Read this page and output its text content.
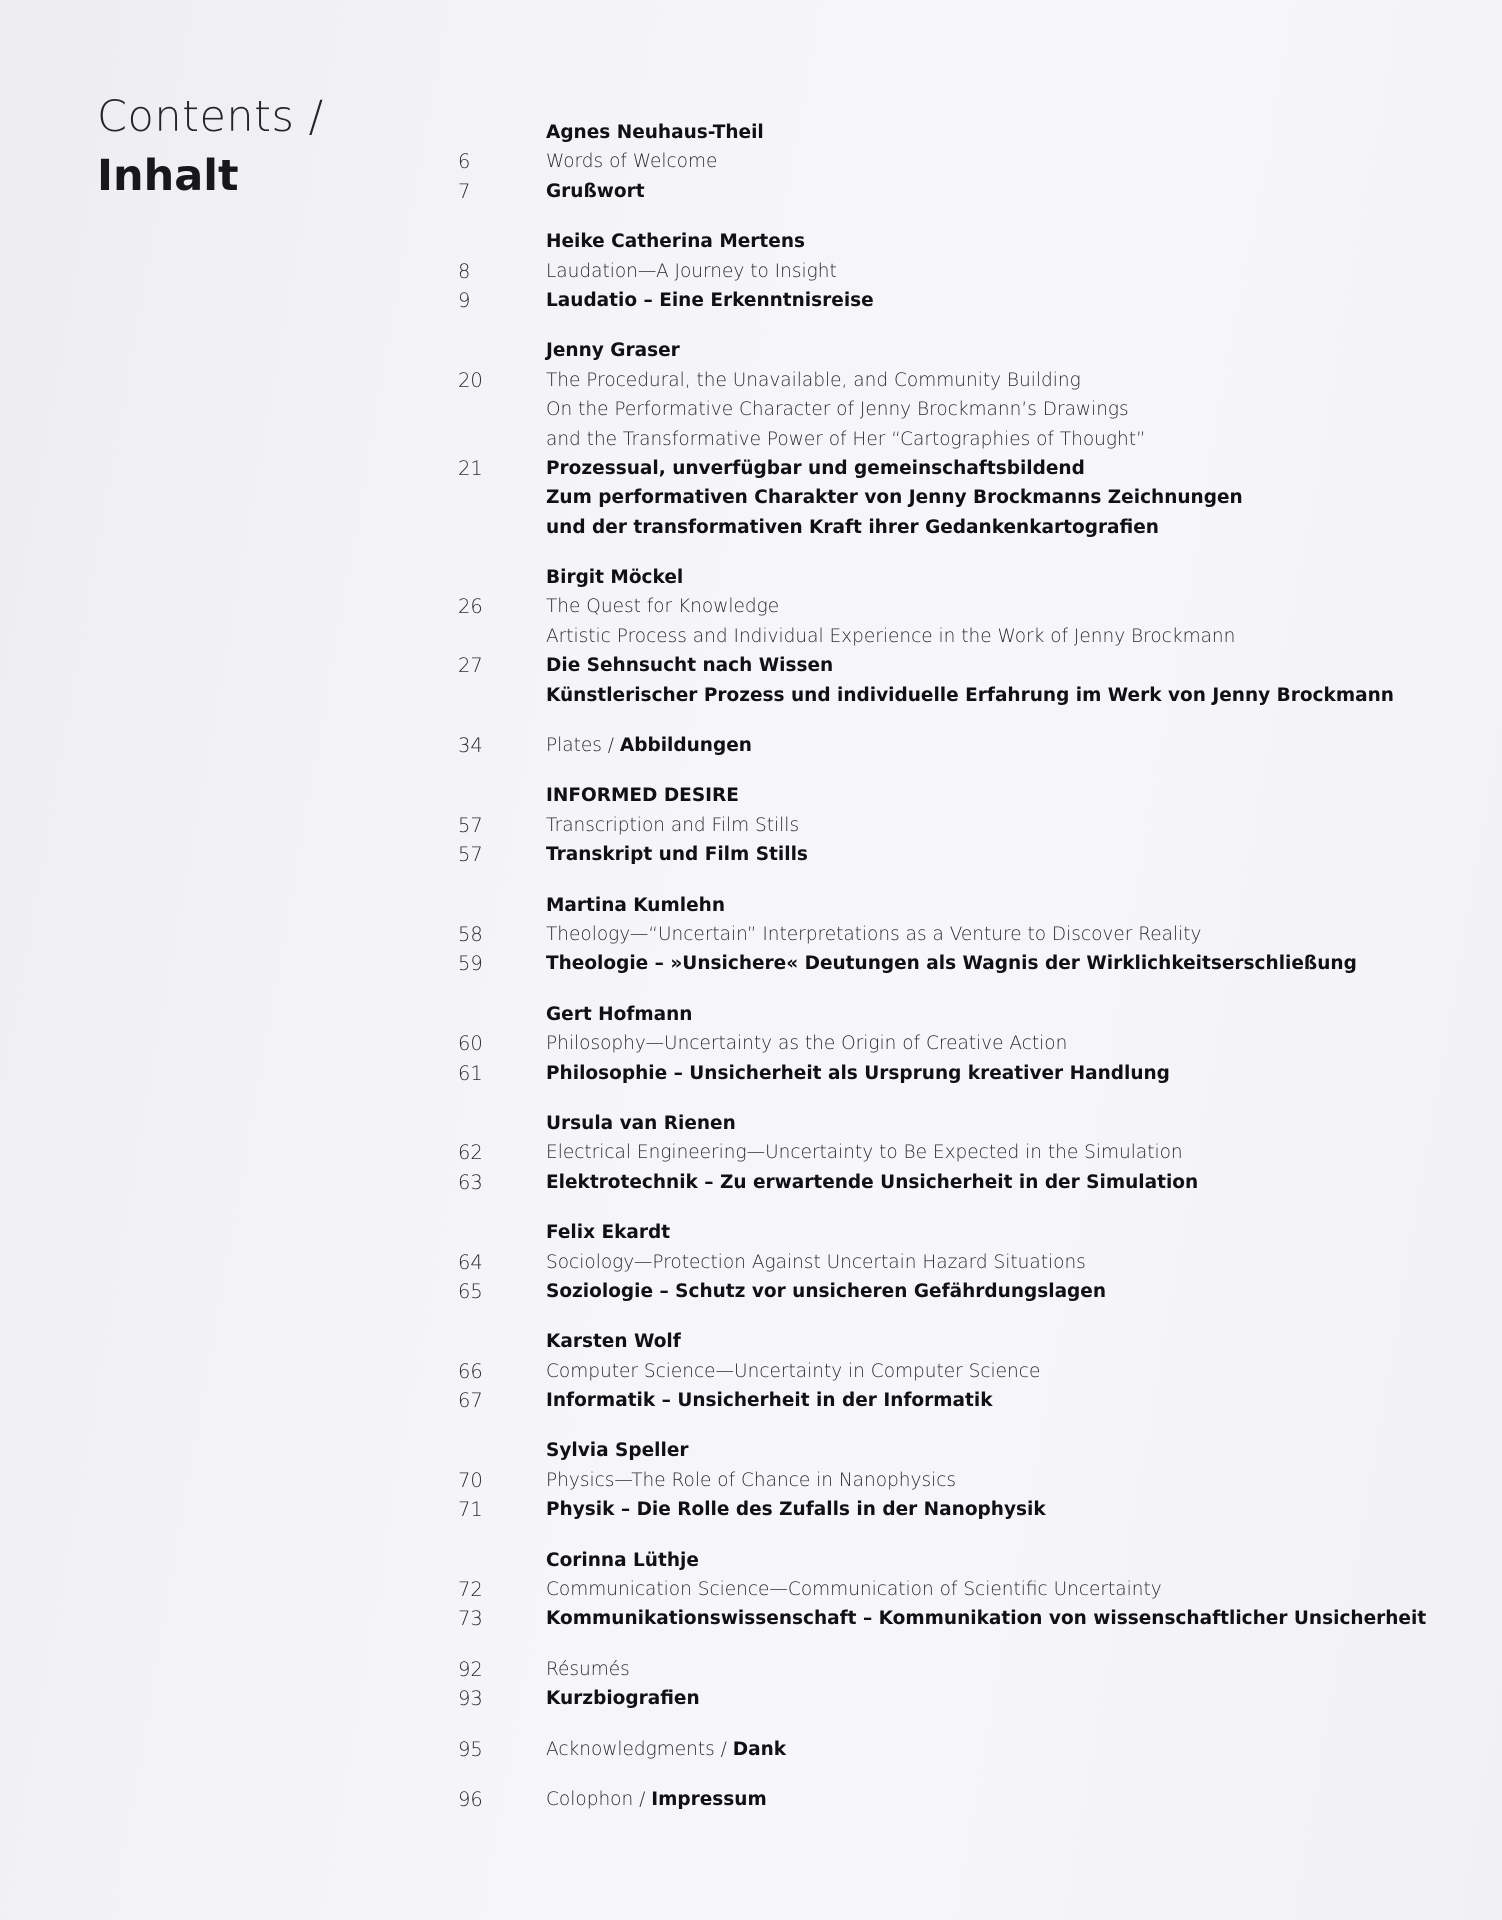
Contents /
Inhalt
Agnes Neuhaus-Theil
6	Words of Welcome
7	Grußwort
Heike Catherina Mertens
8	Laudation—A Journey to Insight
9	Laudatio – Eine Erkenntnisreise
Jenny Graser
20	The Procedural, the Unavailable, and Community Building
On the Performative Character of Jenny Brockmann’s Drawings
and the Transformative Power of Her “Cartographies of Thought”
21	Prozessual, unverfügbar und gemeinschaftsbildend
Zum performativen Charakter von Jenny Brockmanns Zeichnungen
und der transformativen Kraft ihrer Gedankenkartografien
Birgit Möckel
26	The Quest for Knowledge
Artistic Process and Individual Experience in the Work of Jenny Brockmann
27	Die Sehnsucht nach Wissen
Künstlerischer Prozess und individuelle Erfahrung im Werk von Jenny Brockmann
34	Plates / Abbildungen
INFORMED DESIRE
57	Transcription and Film Stills
57	Transkript und Film Stills
Martina Kumlehn
58	Theology—“Uncertain” Interpretations as a Venture to Discover Reality
59	Theologie – »Unsichere« Deutungen als Wagnis der Wirklichkeitserschließung
Gert Hofmann
60	Philosophy—Uncertainty as the Origin of Creative Action
61	Philosophie – Unsicherheit als Ursprung kreativer Handlung
Ursula van Rienen
62	Electrical Engineering—Uncertainty to Be Expected in the Simulation
63	Elektrotechnik – Zu erwartende Unsicherheit in der Simulation
Felix Ekardt
64	Sociology—Protection Against Uncertain Hazard Situations
65	Soziologie – Schutz vor unsicheren Gefährdungslagen
Karsten Wolf
66	Computer Science—Uncertainty in Computer Science
67	Informatik – Unsicherheit in der Informatik
Sylvia Speller
70	Physics—The Role of Chance in Nanophysics
71	Physik – Die Rolle des Zufalls in der Nanophysik
Corinna Lüthje
72	Communication Science—Communication of Scientific Uncertainty
73	Kommunikationswissenschaft – Kommunikation von wissenschaftlicher Unsicherheit
92	Résumés
93	Kurzbiografien
95	Acknowledgments / Dank
96	Colophon / Impressum
